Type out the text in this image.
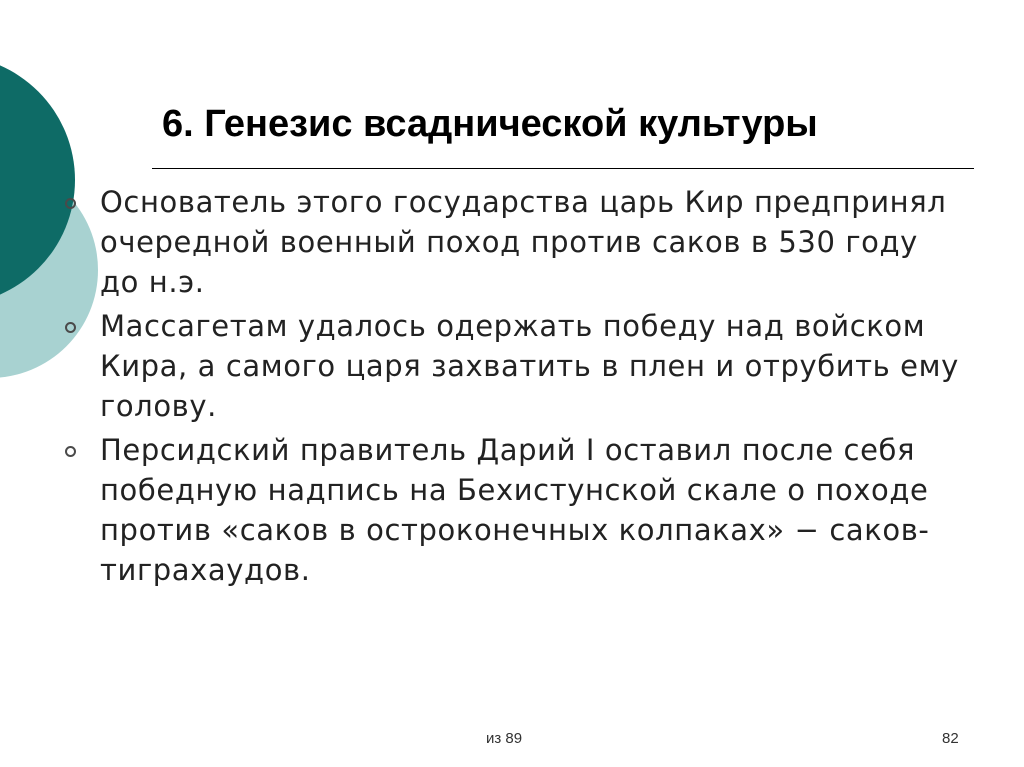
6. Генезис всаднической культуры
Основатель этого государства царь Кир предпринял очередной военный поход против саков в 530 году до н.э.
Массагетам удалось одержать победу над войском Кира, а самого царя захватить в плен и отрубить ему голову.
Персидский правитель Дарий I оставил после себя победную надпись на Бехистунской скале о походе против «саков в остроконечных колпаках» − саков-тиграхаудов.
из 89	82
